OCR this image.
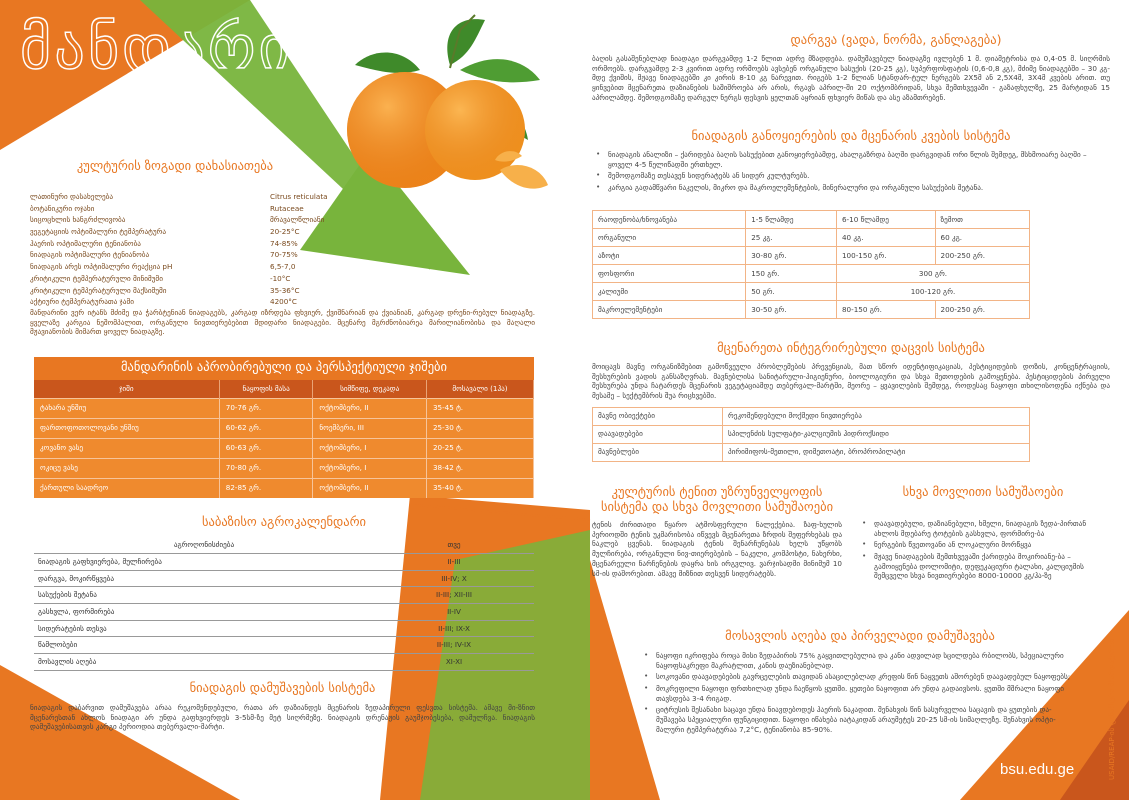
მანდარინი
კულტურის ზოგადი დახასიათება
ლათინური დასახელება	Citrus reticulata
ბოტანიკური ოჯახი	Rutaceae
სიცოცხლის ხანგრძლივობა	მრავალწლიანი
ვეგეტაციის ოპტიმალური ტემპერატურა	20-25°C
ჰაერის ოპტიმალური ტენიანობა	74-85%
ნიადაგის ოპტიმალური ტენიანობა	70-75%
ნიადაგის არეს ოპტიმალური რეაქცია pH	6,5-7,0
კრიტიკული ტემპერატურული მინიმუმი	-10°C
კრიტიკული ტემპერატურული მაქსიმუმი	35-36°C
აქტიური ტემპერატურათა ჯამი	4200°C

მანდარინი ვერ იტანს მძიმე და ჭარბტენიან ნიადაგებს, კარგად იზრდება ფხვიერ, ქვიშნარიან და ქვიანიან, კარგად დრენი-რებულ ნიადაგზე. ყველაზე კარგია ნეშომპალით, ორგანული ნივთიერებებით მდიდარი ნიადაგები. მცენარე მგრძნობიარეა მარილიანობისა და მაღალი მჟავიანობის მიმართ ყოველ ნიადაგზე.

მანდარინის აპრობირებული და პერსპექტიული ჯიშები
ჯიში	ნაყოფის მასა	სიმწიფე, დეკადა	მოსავალი (1ჰა)
ტახარა უნშიუ	70-76 გრ.	ოქტომბერი, II	35-45 ტ.
ფართოფოთოლოვანი უნშიუ	60-62 გრ.	ნოემბერი, III	25-30 ტ.
კოვანო ვასე	60-63 გრ.	ოქტომბერი, I	20-25 ტ.
ოკიცუ ვასე	70-80 გრ.	ოქტომბერი, I	38-42 ტ.
ქართული საადრეო	82-85 გრ.	ოქტომბერი, II	35-40 ტ.
საბაზისო აგროკალენდარი
აგროღონისძიება	თვე
ნიადაგის გაფხვიერება, მულჩირება	II-III
დარგვა, მოკირწყვება	III-IV; X
სასუქების შეტანა	II-III; XII-III
გასხვლა, ფორმირება	II-IV
სიდერატების თესვა	II-III; IX-X
წამლობები	II-III; IV-IX
მოსავლის აღება	XI-XI
ნიადაგის დამუშავების სისტემა

ნიადაგის დაბარვით დამუშავება არაა რეკომენდებული, რათა არ დაზიანდეს მცენარის ზედაპირული ფესვთა სისტემა. ამავე მი-ზნით მცენარესთან ახლოს ნიადაგი არ უნდა გაფხვიერდეს 3-5სმ-ზე მეტ სიღრმეზე. ნიადაგის დრენაჟის გაუმჯობესება, დამულჩვა. ნიადაგის დამუშავებისათვის კარგი პერიოდია თებერვალი-მარტი.

დარგვა (ვადა, ნორმა, განლაგება)

ბაღის გასაშენებლად ნიადაგი დარგვამდე 1-2 წლით ადრე მზადდება. დამუშავებულ ნიადაგზე ივლებენ 1 მ. დიამეტრისა და 0,4-05 მ. სიღრმის ორმოებს. დარგვამდე 2-3 კვირით ადრე ორმოებს ავსებენ ორგანული სასუქის (20-25 კგ), სუპერფოსფატის (0,6-0,8 კგ), მძიმე ნიადაგებში – 30 კგ-მდე ქვიშის, მჟავე ნიადაგებში კი კირის 8-10 კგ ნარევით. რიგებს 1-2 წლიან სტანდარ-ტულ ნერგებს 2X5მ ან 2,5X4მ, 3X4მ კვების არით. თუ ყინვებით მცენარეთა დაზიანების საშიშროება არ არის, რგავს აპრილ-ში 20 ოქტომბრიდან, სხვა შემთხვევაში - გაზაფხულზე, 25 მარტიდან 15 აპრილამდე. შემოდგომაზე დარგულ ნერგს ფესვის ყელთან აყრიან ფხვიერ მიწას და ასე აზამთრებენ.

ნიადაგის განოყიერების და მცენარის კვების სისტემა
• ნიადაგის ანალიზი – ქარიდება ბაღის სასუქებით განოყიერებამდე, ახალგაზრდა ბაღში დარგვიდან ორი წლის შემდეგ, მსხმოიარე ბაღში – ყოველ 4-5 წელიწადში ერთხელ.
• შემოდგომაზე თესავენ სიდერატებს ან სიდერ კულტურებს.
• კარგია გადამწვარი ნაკელის, მიკრო და მაკროელემენტების, მინერალური და ორგანული სასუქების შეტანა.
რაოდენობა/ხნოვანება	1-5 წლამდე	6-10 წლამდე	ზემოთ
ორგანული	25 კგ.	40 კგ.	60 კგ.
აზოტი	30-80 გრ.	100-150 გრ.	200-250 გრ.
ფოსფორი	150 გრ.	300 გრ.	
კალიუმი	50 გრ.	100-120 გრ.	
მაკროელემენტები	30-50 გრ.	80-150 გრ.	200-250 გრ.
მცენარეთა ინტეგრირებული დაცვის სისტემა

მოიცავს მავნე ორგანიზმებით გამოწვეული პრობლემების პრევენციას, მათ სწორ იდენტიფიკაციას, პესტიციდების დოზის, კონცენტრაციის, შესხურების ვადის განსაზღვრას. მავნებლისა სანიტარული-ჰიგიენური, ბიოლოგიური და სხვა მეთოდების გამოყენება. პესტიციდების პირველი შესხურება უნდა ჩატარდეს მცენარის ვეგეტაციამდე თებერვალ-მარტში, მეორე – ყვავილების შემდეგ, როდესაც ნაყოფი თხილისოდენა იქნება და მესამე – სექტემბრის შუა რიცხვებში.

მავნე ობიექტები	რეკომენდებული მოქმედი ნივთიერება
დაავადებები	სპილენძის სულფატი-კალციუმის ჰიდროქსიდი
მავნებლები	პირიმიფოს-მეთილი, დიმეთოატი, ბროპროპილატი
კულტურის ტენით უზრუნველყოფის სისტემა და სხვა მოვლითი სამუშაოები

ტენის ძირითადი წყარო ატმოსფერული ნალექებია. ზაფ-ხულის პერიოდში ტენის უკმარისობა იწვევს მცენარეთა ზრდის შეფერხებას და ნაკლებ ცვენას. ნიადაგის ტენის შენარჩუნებას ხელს უწყობს მულჩირება, ორგანული ნივ-თიერებების – ნაკელი, კომპოსტი, ნახერხი, მცენარეული ნარჩენების დაყრა ხის ირგვლივ. ვარჯისადმი მინიმუმ 10 სმ-ის დაშორებით. ამავე მიზნით თესვენ სიდერატებს.

სხვა მოვლითი სამუშაოები
• დაავადებული, დაზიანებული, ხმელი, ნიადაგის ზედა-პირთან ახლოს მდებარე ტოტების გასხვლა, ფორმირე-ბა
• ნერგების წვეთოვანი ან ლოკალური მორწყვა
• მჟავე ნიადაგების შემთხვევაში ქარიდება მოკირიანე-ბა – გამოიყენება დოლომიტი, დეფეკაციური ტალახი, კალციუმის შემცველი სხვა ნივთიერებები 8000-10000 კგ/ჰა-ზე
მოსავლის აღება და პირველადი დამუშავება
• ნაყოფი იკრიფება როცა მისი ზედაპირის 75% გაყვითლებულია და კანი ადვილად სცილდება რბილობს, სპეციალური ნაყოფსაკრეფი მაკრატლით, კანის დაუზიანებლად.
• სოკოვანი დაავადებების გავრცელების თავიდან ასაცილებლად კრეფის წინ ნაყვეთს აშორებენ დაავადებულ ნაყოფებს;
• მოკრეფილი ნაყოფი ფრთხილად უნდა ჩაეწყოს ყუთში. ყუთები ნაყოფით არ უნდა გადაივსოს. ყუთში მშრალი ნაყოფი თავსდება 3-4 რიგად.
• ციტრუსის შესანახი საცავი უნდა ნიავდებოდეს ჰაერის ნაკადით. შენახვის წინ სასურველია საცავის და ყუთების და-მუშავება სპეციალური ფუნგიციდით. ნაყოფი იწახება იატაკიდან არაუმეტეს 20-25 სმ-ის სიმაღლეზე. შენახვის ოპტი-მალური ტემპერატურაა 7,2°C, ტენიანობა 85-90%.
bsu.edu.ge	USAID/REAP-ის ფინანსური მხარდაჭერით
